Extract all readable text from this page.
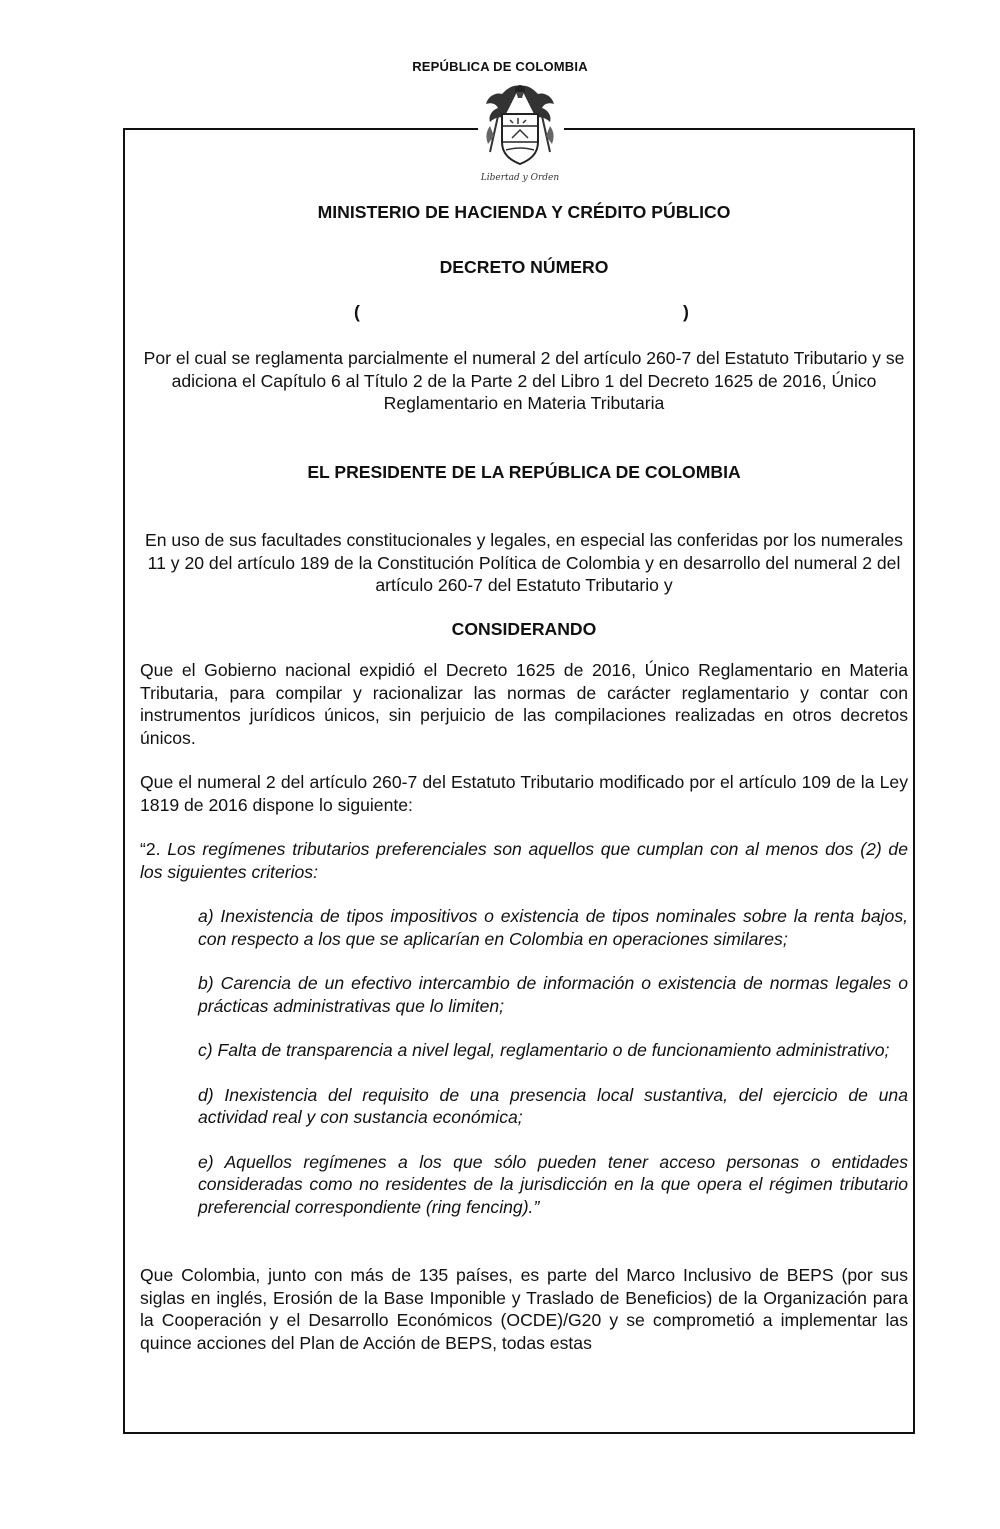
REPÚBLICA DE COLOMBIA
Libertad y Orden

MINISTERIO DE HACIENDA Y CRÉDITO PÚBLICO

DECRETO NÚMERO

(	)

Por el cual se reglamenta parcialmente el numeral 2 del artículo 260-7 del Estatuto Tributario y se adiciona el Capítulo 6 al Título 2 de la Parte 2 del Libro 1 del Decreto 1625 de 2016, Único Reglamentario en Materia Tributaria

EL PRESIDENTE DE LA REPÚBLICA DE COLOMBIA

En uso de sus facultades constitucionales y legales, en especial las conferidas por los numerales 11 y 20 del artículo 189 de la Constitución Política de Colombia y en desarrollo del numeral 2 del artículo 260-7 del Estatuto Tributario y

CONSIDERANDO

Que el Gobierno nacional expidió el Decreto 1625 de 2016, Único Reglamentario en Materia Tributaria, para compilar y racionalizar las normas de carácter reglamentario y contar con instrumentos jurídicos únicos, sin perjuicio de las compilaciones realizadas en otros decretos únicos.

Que el numeral 2 del artículo 260-7 del Estatuto Tributario modificado por el artículo 109 de la Ley 1819 de 2016 dispone lo siguiente:

“2. Los regímenes tributarios preferenciales son aquellos que cumplan con al menos dos (2) de los siguientes criterios:

a) Inexistencia de tipos impositivos o existencia de tipos nominales sobre la renta bajos, con respecto a los que se aplicarían en Colombia en operaciones similares;

b) Carencia de un efectivo intercambio de información o existencia de normas legales o prácticas administrativas que lo limiten;

c) Falta de transparencia a nivel legal, reglamentario o de funcionamiento administrativo;

d) Inexistencia del requisito de una presencia local sustantiva, del ejercicio de una actividad real y con sustancia económica;

e) Aquellos regímenes a los que sólo pueden tener acceso personas o entidades consideradas como no residentes de la jurisdicción en la que opera el régimen tributario preferencial correspondiente (ring fencing).”

Que Colombia, junto con más de 135 países, es parte del Marco Inclusivo de BEPS (por sus siglas en inglés, Erosión de la Base Imponible y Traslado de Beneficios) de la Organización para la Cooperación y el Desarrollo Económicos (OCDE)/G20 y se comprometió a implementar las quince acciones del Plan de Acción de BEPS, todas estas
